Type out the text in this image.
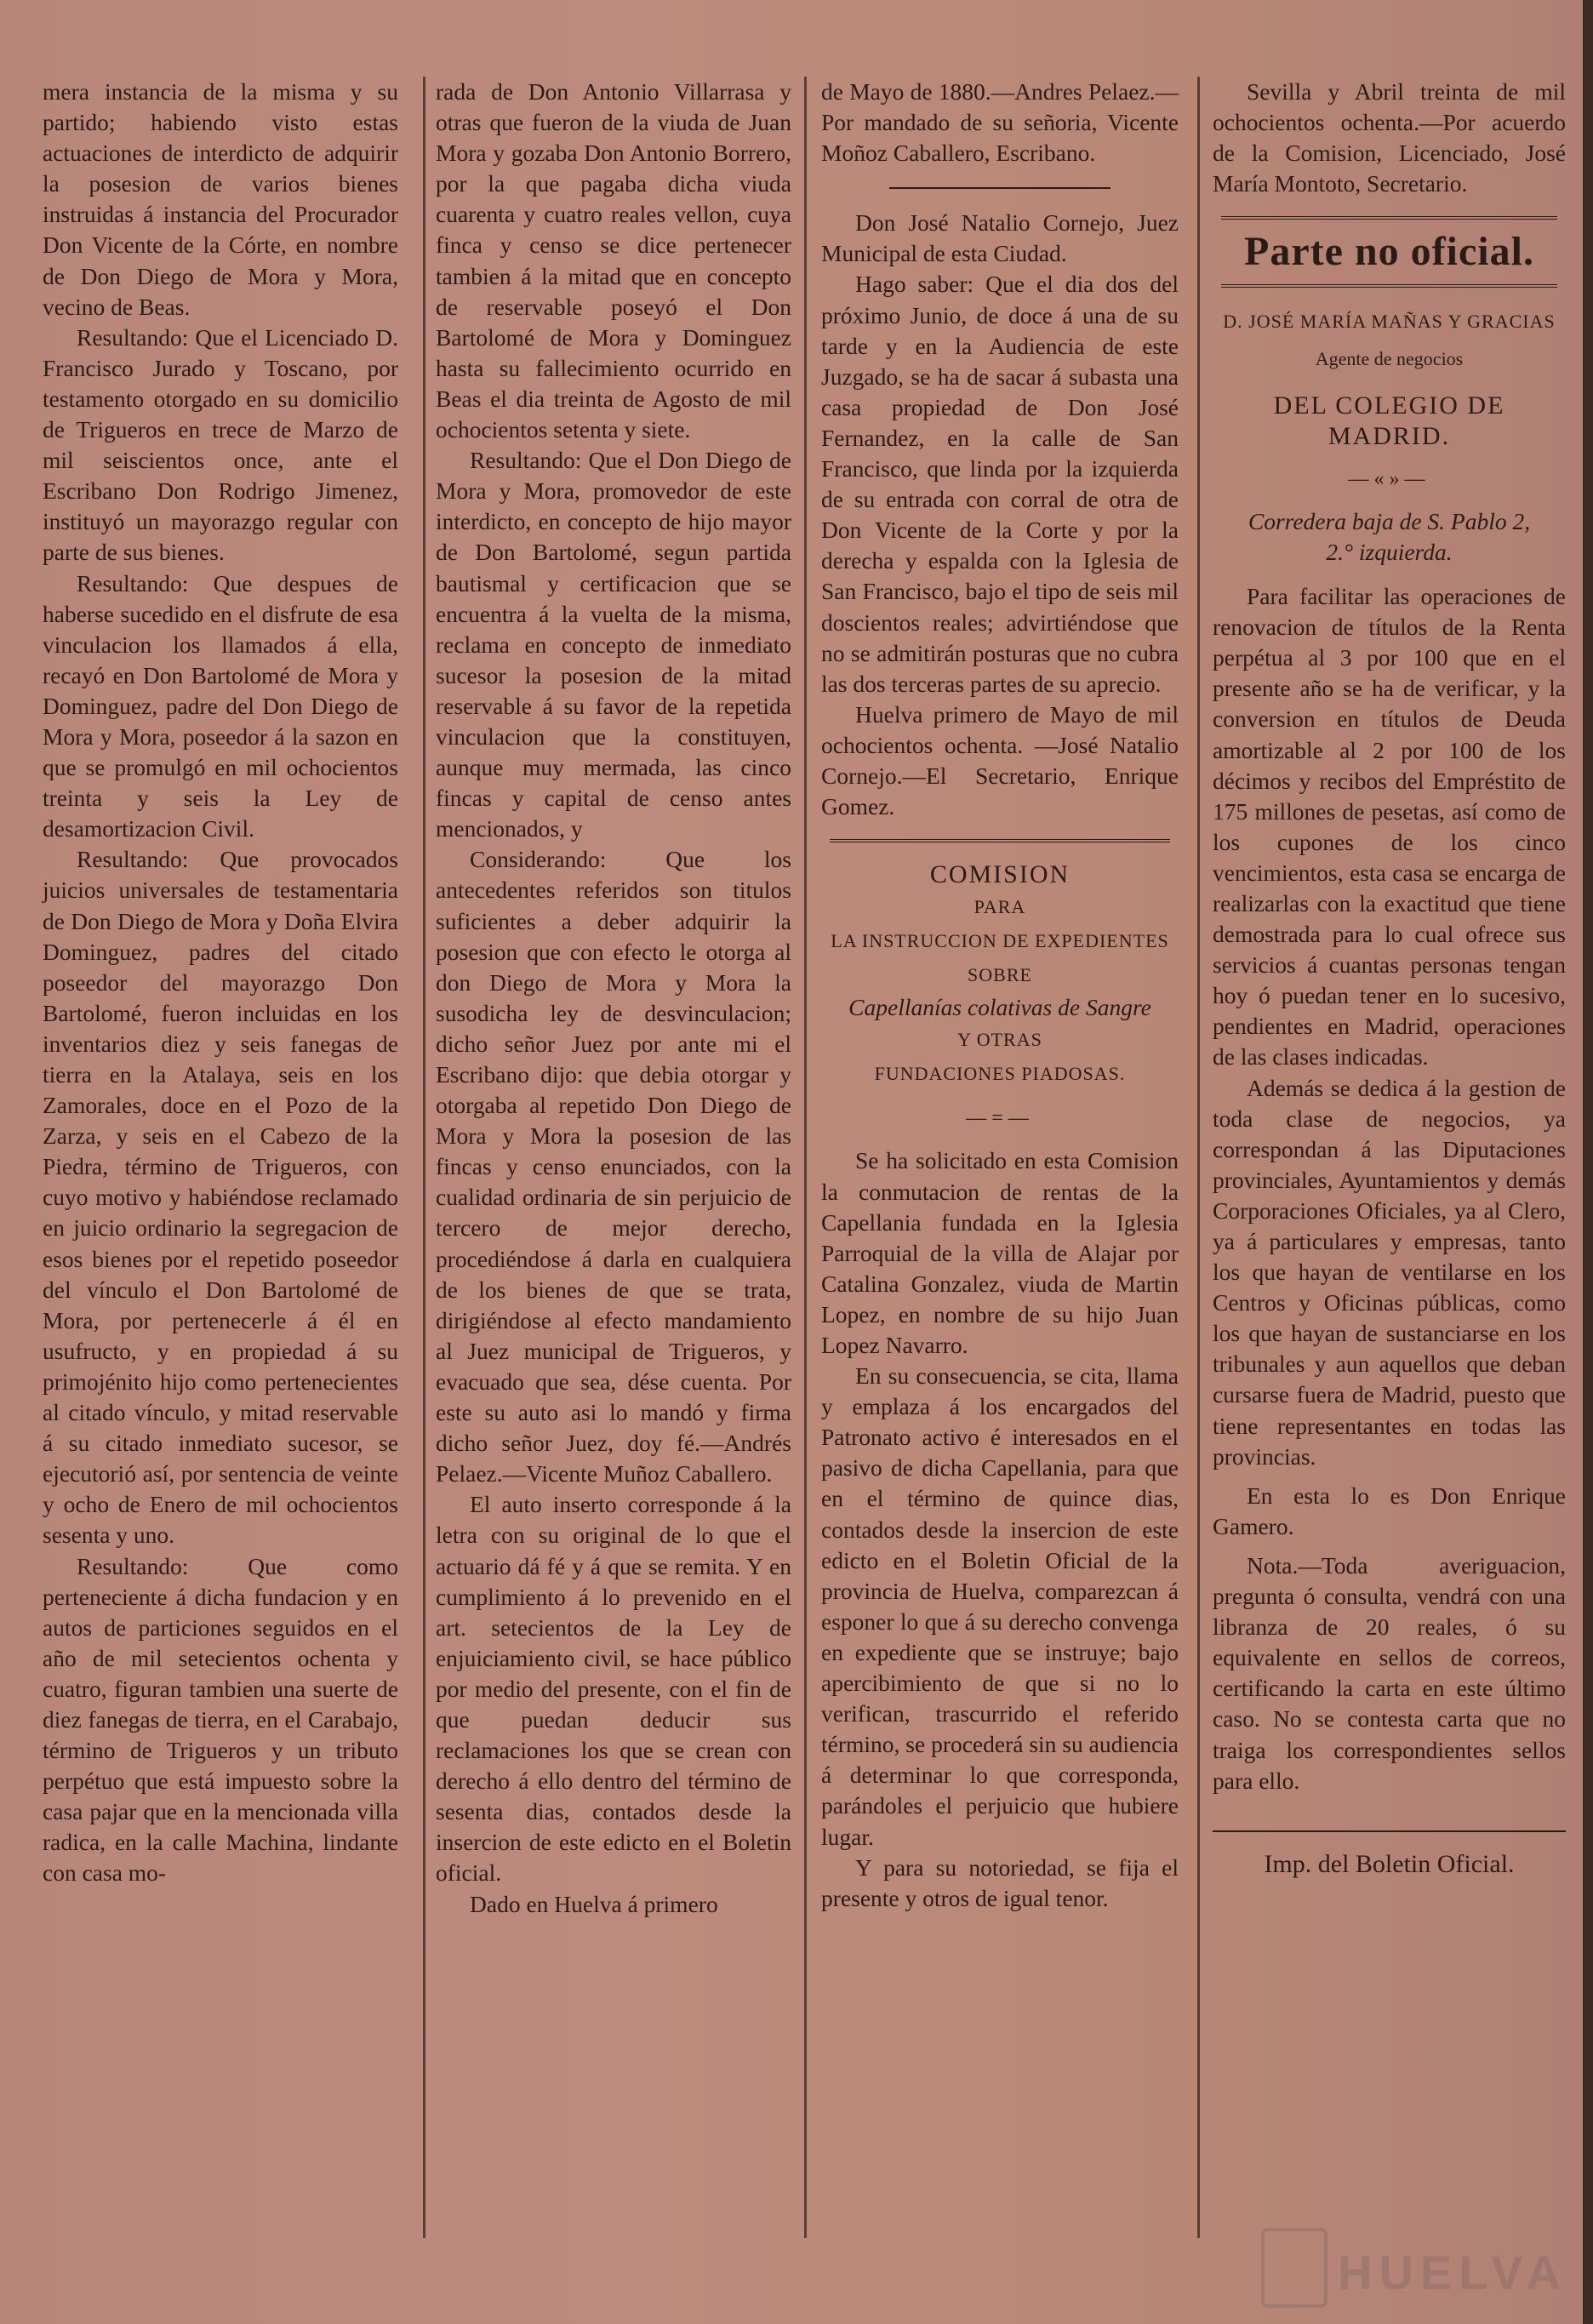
mera instancia de la misma y su partido; habiendo visto estas actuaciones de interdicto de adquirir la posesion de varios bienes instruidas á instancia del Procurador Don Vicente de la Córte, en nombre de Don Diego de Mora y Mora, vecino de Beas.

Resultando: Que el Licenciado D. Francisco Jurado y Toscano, por testamento otorgado en su domicilio de Trigueros en trece de Marzo de mil seiscientos once, ante el Escribano Don Rodrigo Jimenez, instituyó un mayorazgo regular con parte de sus bienes.

Resultando: Que despues de haberse sucedido en el disfrute de esa vinculacion los llamados á ella, recayó en Don Bartolomé de Mora y Dominguez, padre del Don Diego de Mora y Mora, poseedor á la sazon en que se promulgó en mil ochocientos treinta y seis la Ley de desamortizacion Civil.

Resultando: Que provocados juicios universales de testamentaria de Don Diego de Mora y Doña Elvira Dominguez, padres del citado poseedor del mayorazgo Don Bartolomé, fueron incluidas en los inventarios diez y seis fanegas de tierra en la Atalaya, seis en los Zamorales, doce en el Pozo de la Zarza, y seis en el Cabezo de la Piedra, término de Trigueros, con cuyo motivo y habiéndose reclamado en juicio ordinario la segregacion de esos bienes por el repetido poseedor del vínculo el Don Bartolomé de Mora, por pertenecerle á él en usufructo, y en propiedad á su primojénito hijo como pertenecientes al citado vínculo, y mitad reservable á su citado inmediato sucesor, se ejecutorió así, por sentencia de veinte y ocho de Enero de mil ochocientos sesenta y uno.

Resultando: Que como perteneciente á dicha fundacion y en autos de particiones seguidos en el año de mil setecientos ochenta y cuatro, figuran tambien una suerte de diez fanegas de tierra, en el Carabajo, término de Trigueros y un tributo perpétuo que está impuesto sobre la casa pajar que en la mencionada villa radica, en la calle Machina, lindante con casa mo-

rada de Don Antonio Villarrasa y otras que fueron de la viuda de Juan Mora y gozaba Don Antonio Borrero, por la que pagaba dicha viuda cuarenta y cuatro reales vellon, cuya finca y censo se dice pertenecer tambien á la mitad que en concepto de reservable poseyó el Don Bartolomé de Mora y Dominguez hasta su fallecimiento ocurrido en Beas el dia treinta de Agosto de mil ochocientos setenta y siete.

Resultando: Que el Don Diego de Mora y Mora, promovedor de este interdicto, en concepto de hijo mayor de Don Bartolomé, segun partida bautismal y certificacion que se encuentra á la vuelta de la misma, reclama en concepto de inmediato sucesor la posesion de la mitad reservable á su favor de la repetida vinculacion que la constituyen, aunque muy mermada, las cinco fincas y capital de censo antes mencionados, y

Considerando: Que los antecedentes referidos son titulos suficientes a deber adquirir la posesion que con efecto le otorga al don Diego de Mora y Mora la susodicha ley de desvinculacion; dicho señor Juez por ante mi el Escribano dijo: que debia otorgar y otorgaba al repetido Don Diego de Mora y Mora la posesion de las fincas y censo enunciados, con la cualidad ordinaria de sin perjuicio de tercero de mejor derecho, procediéndose á darla en cualquiera de los bienes de que se trata, dirigiéndose al efecto mandamiento al Juez municipal de Trigueros, y evacuado que sea, dése cuenta. Por este su auto asi lo mandó y firma dicho señor Juez, doy fé.—Andrés Pelaez.—Vicente Muñoz Caballero.

El auto inserto corresponde á la letra con su original de lo que el actuario dá fé y á que se remita. Y en cumplimiento á lo prevenido en el art. setecientos de la Ley de enjuiciamiento civil, se hace público por medio del presente, con el fin de que puedan deducir sus reclamaciones los que se crean con derecho á ello dentro del término de sesenta dias, contados desde la insercion de este edicto en el Boletin oficial.

Dado en Huelva á primero

de Mayo de 1880.—Andres Pelaez.—Por mandado de su señoria, Vicente Moñoz Caballero, Escribano.

Don José Natalio Cornejo, Juez Municipal de esta Ciudad.

Hago saber: Que el dia dos del próximo Junio, de doce á una de su tarde y en la Audiencia de este Juzgado, se ha de sacar á subasta una casa propiedad de Don José Fernandez, en la calle de San Francisco, que linda por la izquierda de su entrada con corral de otra de Don Vicente de la Corte y por la derecha y espalda con la Iglesia de San Francisco, bajo el tipo de seis mil doscientos reales; advirtiéndose que no se admitirán posturas que no cubra las dos terceras partes de su aprecio.

Huelva primero de Mayo de mil ochocientos ochenta. —José Natalio Cornejo.—El Secretario, Enrique Gomez.

COMISION
PARA
LA INSTRUCCION DE EXPEDIENTES
SOBRE
Capellanías colativas de Sangre
Y OTRAS
FUNDACIONES PIADOSAS.
—=—

Se ha solicitado en esta Comision la conmutacion de rentas de la Capellania fundada en la Iglesia Parroquial de la villa de Alajar por Catalina Gonzalez, viuda de Martin Lopez, en nombre de su hijo Juan Lopez Navarro.

En su consecuencia, se cita, llama y emplaza á los encargados del Patronato activo é interesados en el pasivo de dicha Capellania, para que en el término de quince dias, contados desde la insercion de este edicto en el Boletin Oficial de la provincia de Huelva, comparezcan á esponer lo que á su derecho convenga en expediente que se instruye; bajo apercibimiento de que si no lo verifican, trascurrido el referido término, se procederá sin su audiencia á determinar lo que corresponda, parándoles el perjuicio que hubiere lugar.

Y para su notoriedad, se fija el presente y otros de igual tenor.

Sevilla y Abril treinta de mil ochocientos ochenta.—Por acuerdo de la Comision, Licenciado, José María Montoto, Secretario.

Parte no oficial.
D. JOSÉ MARÍA MAÑAS Y GRACIAS
Agente de negocios
DEL COLEGIO DE MADRID.
—«»—
Corredera baja de S. Pablo 2,
2.° izquierda.

Para facilitar las operaciones de renovacion de títulos de la Renta perpétua al 3 por 100 que en el presente año se ha de verificar, y la conversion en títulos de Deuda amortizable al 2 por 100 de los décimos y recibos del Empréstito de 175 millones de pesetas, así como de los cupones de los cinco vencimientos, esta casa se encarga de realizarlas con la exactitud que tiene demostrada para lo cual ofrece sus servicios á cuantas personas tengan hoy ó puedan tener en lo sucesivo, pendientes en Madrid, operaciones de las clases indicadas.

Además se dedica á la gestion de toda clase de negocios, ya correspondan á las Diputaciones provinciales, Ayuntamientos y demás Corporaciones Oficiales, ya al Clero, ya á particulares y empresas, tanto los que hayan de ventilarse en los Centros y Oficinas públicas, como los que hayan de sustanciarse en los tribunales y aun aquellos que deban cursarse fuera de Madrid, puesto que tiene representantes en todas las provincias.

En esta lo es Don Enrique Gamero.

Nota.—Toda averiguacion, pregunta ó consulta, vendrá con una libranza de 20 reales, ó su equivalente en sellos de correos, certificando la carta en este último caso. No se contesta carta que no traiga los correspondientes sellos para ello.

Imp. del Boletin Oficial.
HUELVA
